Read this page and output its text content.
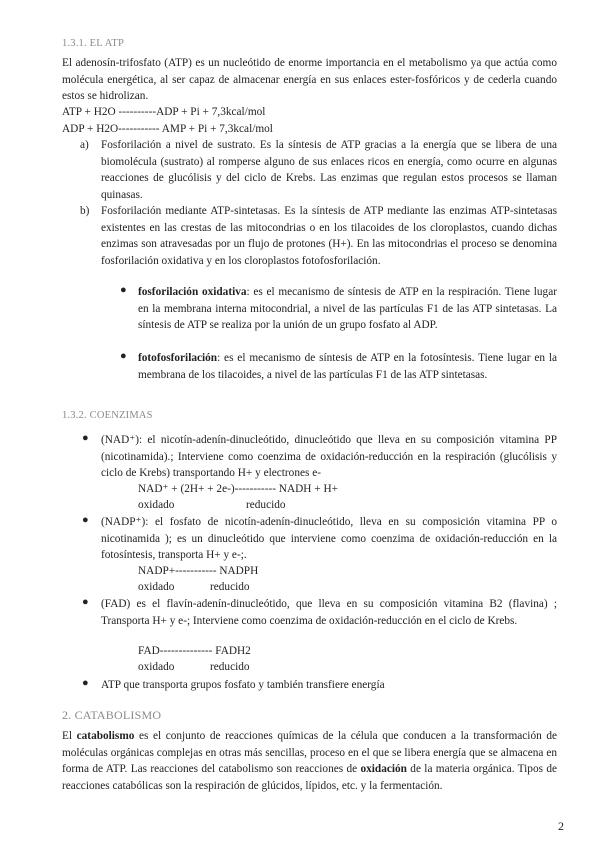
1.3.1. EL ATP
El adenosín-trifosfato (ATP) es un nucleótido de enorme importancia en el metabolismo ya que actúa como molécula energética, al ser capaz de almacenar energía en sus enlaces ester-fosfóricos y de cederla cuando estos se hidrolizan.
ATP + H2O ----------ADP + Pi + 7,3kcal/mol
ADP + H2O----------- AMP + Pi + 7,3kcal/mol
a) Fosforilación a nivel de sustrato. Es la síntesis de ATP gracias a la energía que se libera de una biomolécula (sustrato) al romperse alguno de sus enlaces ricos en energía, como ocurre en algunas reacciones de glucólisis y del ciclo de Krebs. Las enzimas que regulan estos procesos se llaman quinasas.
b) Fosforilación mediante ATP-sintetasas. Es la síntesis de ATP mediante las enzimas ATP-sintetasas existentes en las crestas de las mitocondrias o en los tilacoides de los cloroplastos, cuando dichas enzimas son atravesadas por un flujo de protones (H+). En las mitocondrias el proceso se denomina fosforilación oxidativa y en los cloroplastos fotofosforilación.
● fosforilación oxidativa: es el mecanismo de síntesis de ATP en la respiración. Tiene lugar en la membrana interna mitocondrial, a nivel de las partículas F1 de las ATP sintetasas. La síntesis de ATP se realiza por la unión de un grupo fosfato al ADP.
● fotofosforilación: es el mecanismo de síntesis de ATP en la fotosíntesis. Tiene lugar en la membrana de los tilacoides, a nivel de las partículas F1 de las ATP sintetasas.
1.3.2. COENZIMAS
● (NAD⁺): el nicotín-adenín-dinucleótido, dinucleótido que lleva en su composición vitamina PP (nicotinamida).; Interviene como coenzima de oxidación-reducción en la respiración (glucólisis y ciclo de Krebs) transportando H+ y electrones e-
NAD⁺ + (2H+ + 2e-)----------- NADH + H+
oxidado	reducido
● (NADP⁺): el fosfato de nicotín-adenín-dinucleótido, lleva en su composición vitamina PP o nicotinamida ); es un dinucleótido que interviene como coenzima de oxidación-reducción en la fotosíntesis, transporta H+ y e-;.
NADP+----------- NADPH
oxidado	reducido
● (FAD) es el flavín-adenín-dinucleótido, que lleva en su composición vitamina B2 (flavina) ; Transporta H+ y e-; Interviene como coenzima de oxidación-reducción en el ciclo de Krebs.
FAD-------------- FADH2
oxidado	reducido
● ATP que transporta grupos fosfato y también transfiere energía
2. CATABOLISMO
El catabolismo es el conjunto de reacciones químicas de la célula que conducen a la transformación de moléculas orgánicas complejas en otras más sencillas, proceso en el que se libera energía que se almacena en forma de ATP. Las reacciones del catabolismo son reacciones de oxidación de la materia orgánica. Tipos de reacciones catabólicas son la respiración de glúcidos, lípidos, etc. y la fermentación.
2
